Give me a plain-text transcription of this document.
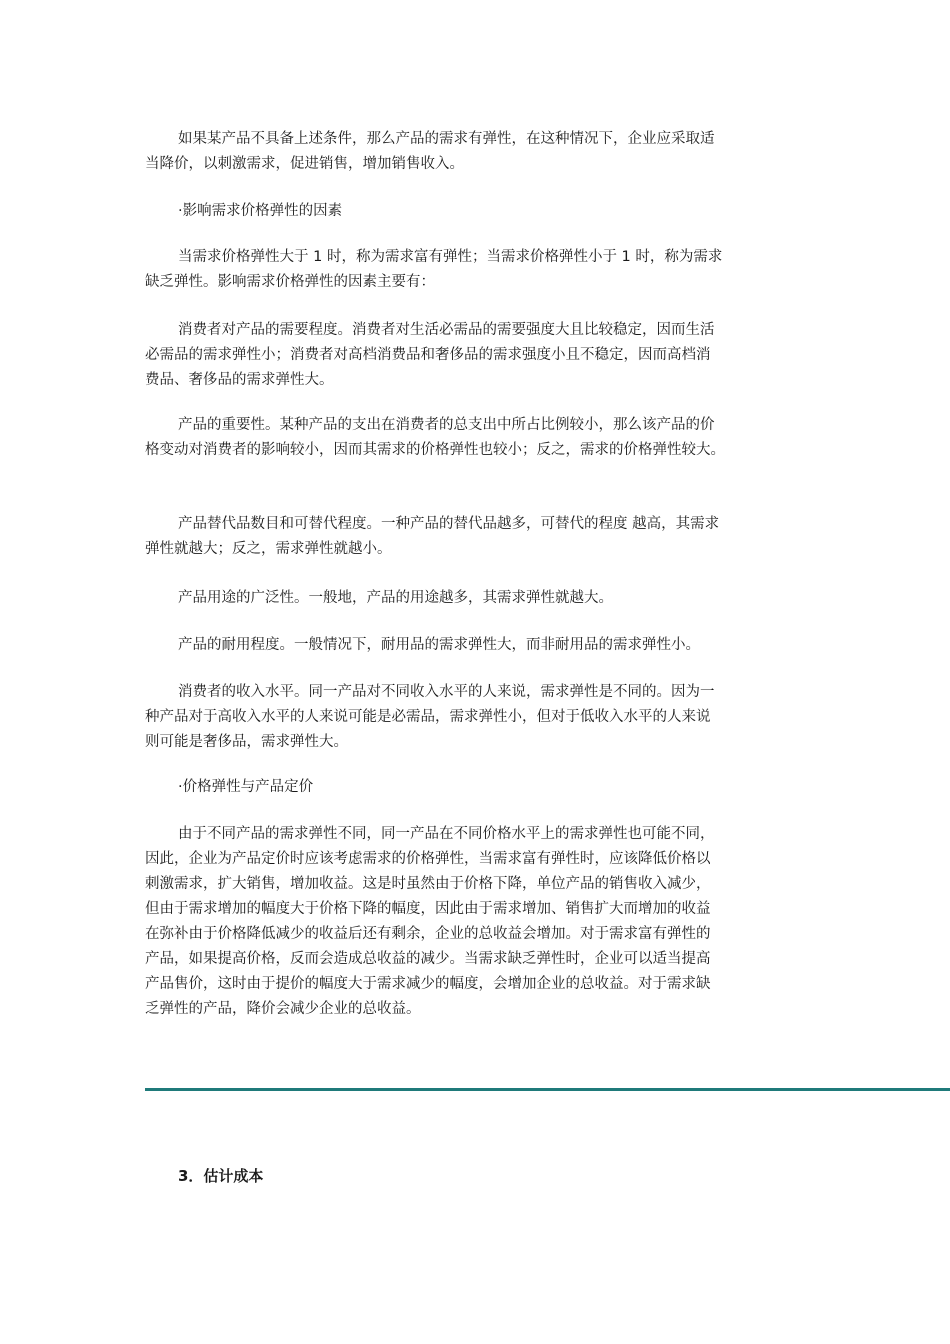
如果某产品不具备上述条件，那么产品的需求有弹性，在这种情况下，企业应采取适
当降价，以刺激需求，促进销售，增加销售收入。

·影响需求价格弹性的因素

当需求价格弹性大于 1 时，称为需求富有弹性；当需求价格弹性小于 1 时，称为需求
缺乏弹性。影响需求价格弹性的因素主要有：

消费者对产品的需要程度。消费者对生活必需品的需要强度大且比较稳定，因而生活
必需品的需求弹性小；消费者对高档消费品和奢侈品的需求强度小且不稳定，因而高档消
费品、奢侈品的需求弹性大。

产品的重要性。某种产品的支出在消费者的总支出中所占比例较小，那么该产品的价
格变动对消费者的影响较小，因而其需求的价格弹性也较小；反之，需求的价格弹性较大。

产品替代品数目和可替代程度。一种产品的替代品越多，可替代的程度 越高，其需求
弹性就越大；反之，需求弹性就越小。

产品用途的广泛性。一般地，产品的用途越多，其需求弹性就越大。

产品的耐用程度。一般情况下，耐用品的需求弹性大，而非耐用品的需求弹性小。

消费者的收入水平。同一产品对不同收入水平的人来说，需求弹性是不同的。因为一
种产品对于高收入水平的人来说可能是必需品，需求弹性小，但对于低收入水平的人来说
则可能是奢侈品，需求弹性大。

·价格弹性与产品定价

由于不同产品的需求弹性不同，同一产品在不同价格水平上的需求弹性也可能不同，
因此，企业为产品定价时应该考虑需求的价格弹性，当需求富有弹性时，应该降低价格以
刺激需求，扩大销售，增加收益。这是时虽然由于价格下降，单位产品的销售收入减少，
但由于需求增加的幅度大于价格下降的幅度，因此由于需求增加、销售扩大而增加的收益
在弥补由于价格降低减少的收益后还有剩余，企业的总收益会增加。对于需求富有弹性的
产品，如果提高价格，反而会造成总收益的减少。当需求缺乏弹性时，企业可以适当提高
产品售价，这时由于提价的幅度大于需求减少的幅度，会增加企业的总收益。对于需求缺
乏弹性的产品，降价会减少企业的总收益。

3．估计成本
